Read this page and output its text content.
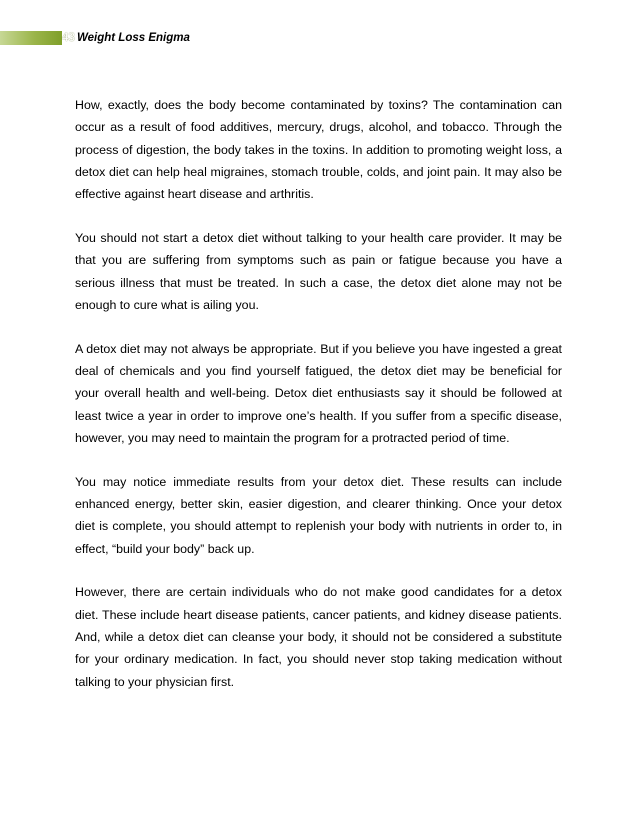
43 Weight Loss Enigma

How, exactly, does the body become contaminated by toxins? The contamination can occur as a result of food additives, mercury, drugs, alcohol, and tobacco. Through the process of digestion, the body takes in the toxins. In addition to promoting weight loss, a detox diet can help heal migraines, stomach trouble, colds, and joint pain. It may also be effective against heart disease and arthritis.

You should not start a detox diet without talking to your health care provider. It may be that you are suffering from symptoms such as pain or fatigue because you have a serious illness that must be treated. In such a case, the detox diet alone may not be enough to cure what is ailing you.

A detox diet may not always be appropriate. But if you believe you have ingested a great deal of chemicals and you find yourself fatigued, the detox diet may be beneficial for your overall health and well-being. Detox diet enthusiasts say it should be followed at least twice a year in order to improve one’s health. If you suffer from a specific disease, however, you may need to maintain the program for a protracted period of time.

You may notice immediate results from your detox diet. These results can include enhanced energy, better skin, easier digestion, and clearer thinking. Once your detox diet is complete, you should attempt to replenish your body with nutrients in order to, in effect, “build your body” back up.

However, there are certain individuals who do not make good candidates for a detox diet. These include heart disease patients, cancer patients, and kidney disease patients. And, while a detox diet can cleanse your body, it should not be considered a substitute for your ordinary medication. In fact, you should never stop taking medication without talking to your physician first.
